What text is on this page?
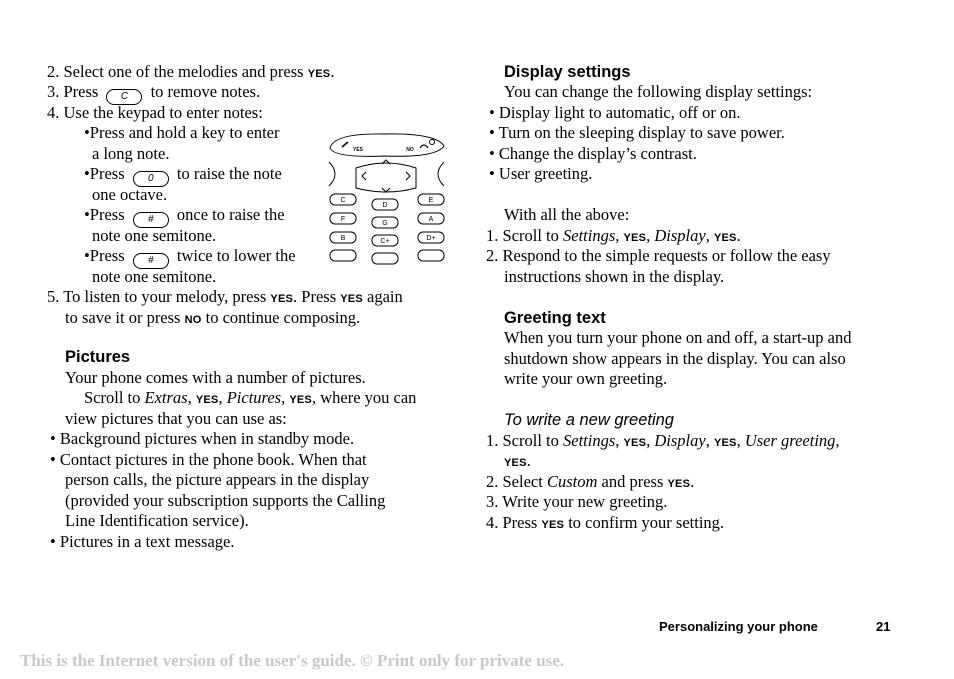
2. Select one of the melodies and press YES.
3. Press C to remove notes.
4. Use the keypad to enter notes:
•Press and hold a key to enter
a long note.
•Press 0 to raise the note
one octave.
•Press # once to raise the
note one semitone.
•Press # twice to lower the
note one semitone.
5. To listen to your melody, press YES. Press YES again
to save it or press NO to continue composing.
Pictures
Your phone comes with a number of pictures.
Scroll to Extras, YES, Pictures, YES, where you can
view pictures that you can use as:
• Background pictures when in standby mode.
• Contact pictures in the phone book. When that
person calls, the picture appears in the display
(provided your subscription supports the Calling
Line Identification service).
• Pictures in a text message.
YES	NO
C
D
E
F
G
A
B	C+	D+
Display settings
You can change the following display settings:
• Display light to automatic, off or on.
• Turn on the sleeping display to save power.
• Change the display’s contrast.
• User greeting.
With all the above:
1. Scroll to Settings, YES, Display, YES.
2. Respond to the simple requests or follow the easy
instructions shown in the display.
Greeting text
When you turn your phone on and off, a start-up and
shutdown show appears in the display. You can also
write your own greeting.
To write a new greeting
1. Scroll to Settings, YES, Display, YES, User greeting,
YES.
2. Select Custom and press YES.
3. Write your new greeting.
4. Press YES to confirm your setting.
Personalizing your phone	21
This is the Internet version of the user's guide. © Print only for private use.
